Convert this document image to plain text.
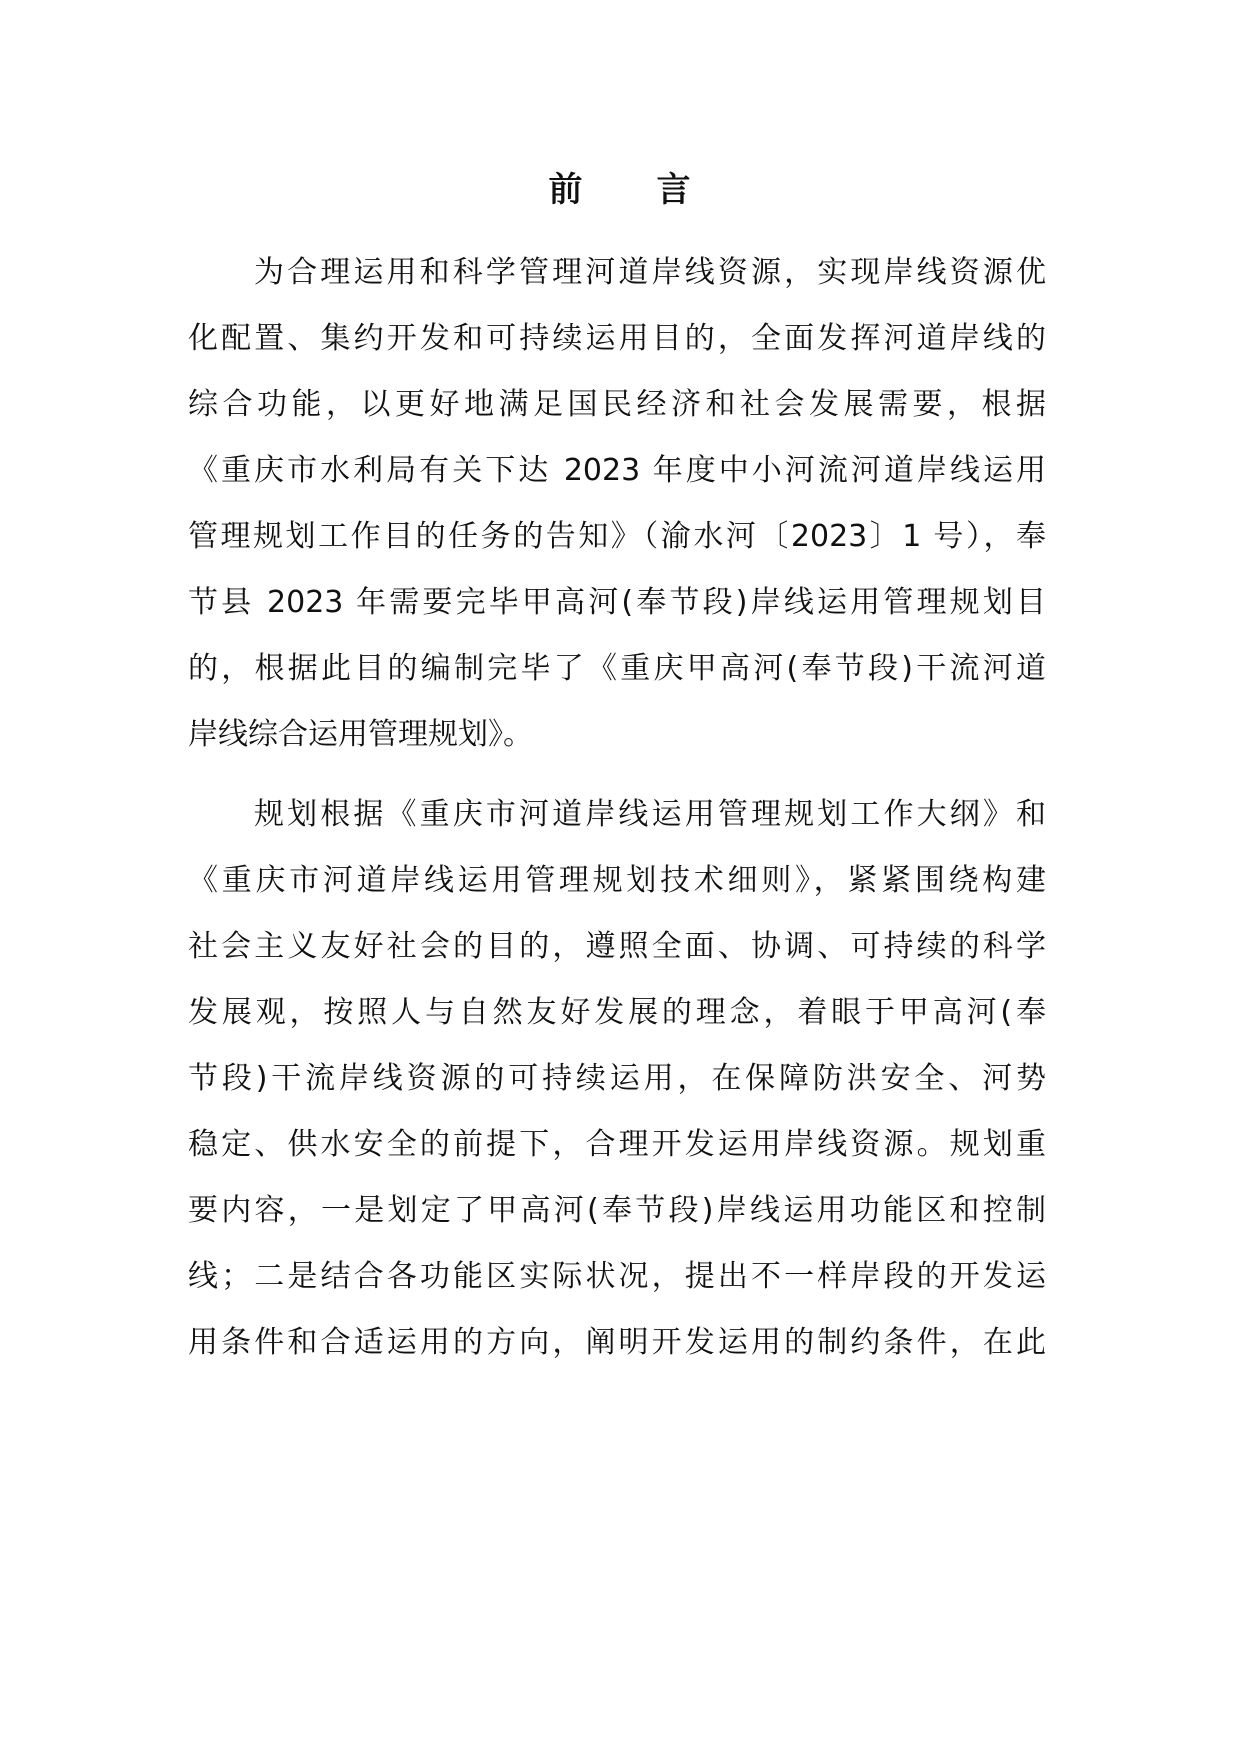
前　　言
为合理运用和科学管理河道岸线资源，实现岸线资源优
化配置、集约开发和可持续运用目的，全面发挥河道岸线的
综合功能，以更好地满足国民经济和社会发展需要，根据
《重庆市水利局有关下达 2023 年度中小河流河道岸线运用
管理规划工作目的任务的告知》（渝水河〔2023〕1 号），奉
节县 2023 年需要完毕甲高河(奉节段)岸线运用管理规划目
的，根据此目的编制完毕了《重庆甲高河(奉节段)干流河道
岸线综合运用管理规划》。
规划根据《重庆市河道岸线运用管理规划工作大纲》和
《重庆市河道岸线运用管理规划技术细则》，紧紧围绕构建
社会主义友好社会的目的，遵照全面、协调、可持续的科学
发展观，按照人与自然友好发展的理念，着眼于甲高河(奉
节段)干流岸线资源的可持续运用，在保障防洪安全、河势
稳定、供水安全的前提下，合理开发运用岸线资源。规划重
要内容，一是划定了甲高河(奉节段)岸线运用功能区和控制
线；二是结合各功能区实际状况，提出不一样岸段的开发运
用条件和合适运用的方向，阐明开发运用的制约条件，在此
